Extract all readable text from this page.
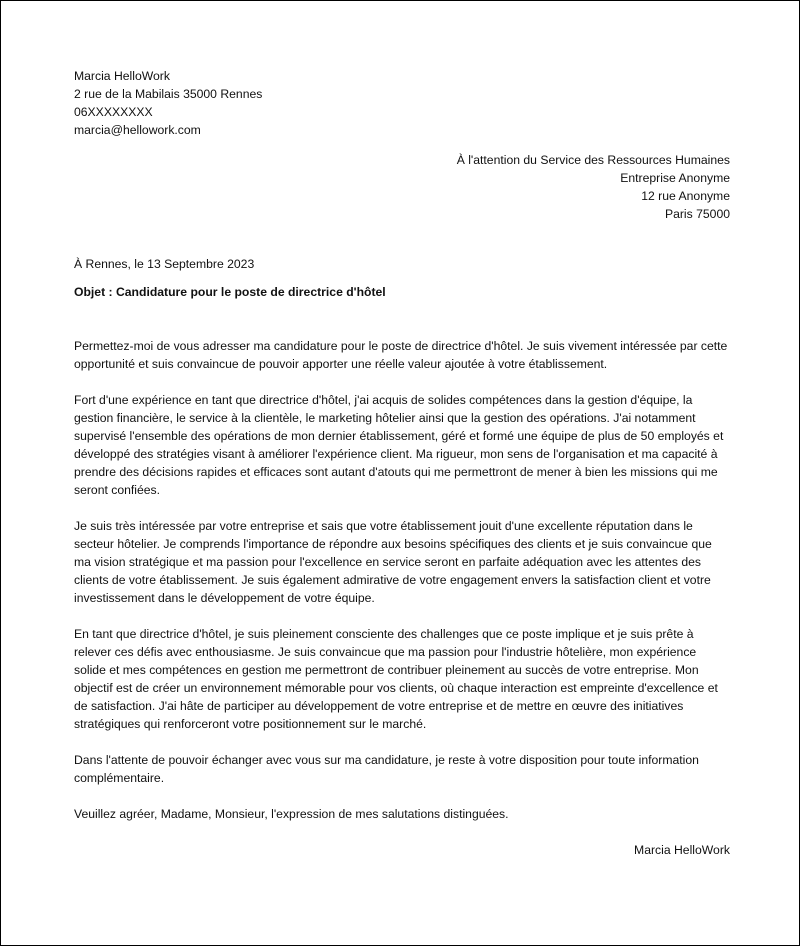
Marcia HelloWork
2 rue de la Mabilais 35000 Rennes
06XXXXXXXX
marcia@hellowork.com
À l'attention du Service des Ressources Humaines
Entreprise Anonyme
12 rue Anonyme
Paris 75000
À Rennes, le 13 Septembre 2023
Objet : Candidature pour le poste de directrice d'hôtel

Permettez-moi de vous adresser ma candidature pour le poste de directrice d'hôtel. Je suis vivement intéressée par cette opportunité et suis convaincue de pouvoir apporter une réelle valeur ajoutée à votre établissement.

Fort d'une expérience en tant que directrice d'hôtel, j'ai acquis de solides compétences dans la gestion d'équipe, la gestion financière, le service à la clientèle, le marketing hôtelier ainsi que la gestion des opérations. J'ai notamment supervisé l'ensemble des opérations de mon dernier établissement, géré et formé une équipe de plus de 50 employés et développé des stratégies visant à améliorer l'expérience client. Ma rigueur, mon sens de l'organisation et ma capacité à prendre des décisions rapides et efficaces sont autant d'atouts qui me permettront de mener à bien les missions qui me seront confiées.

Je suis très intéressée par votre entreprise et sais que votre établissement jouit d'une excellente réputation dans le secteur hôtelier. Je comprends l'importance de répondre aux besoins spécifiques des clients et je suis convaincue que ma vision stratégique et ma passion pour l'excellence en service seront en parfaite adéquation avec les attentes des clients de votre établissement. Je suis également admirative de votre engagement envers la satisfaction client et votre investissement dans le développement de votre équipe.

En tant que directrice d'hôtel, je suis pleinement consciente des challenges que ce poste implique et je suis prête à relever ces défis avec enthousiasme. Je suis convaincue que ma passion pour l'industrie hôtelière, mon expérience solide et mes compétences en gestion me permettront de contribuer pleinement au succès de votre entreprise. Mon objectif est de créer un environnement mémorable pour vos clients, où chaque interaction est empreinte d'excellence et de satisfaction. J'ai hâte de participer au développement de votre entreprise et de mettre en œuvre des initiatives stratégiques qui renforceront votre positionnement sur le marché.

Dans l'attente de pouvoir échanger avec vous sur ma candidature, je reste à votre disposition pour toute information complémentaire.

Veuillez agréer, Madame, Monsieur, l'expression de mes salutations distinguées.

Marcia HelloWork
